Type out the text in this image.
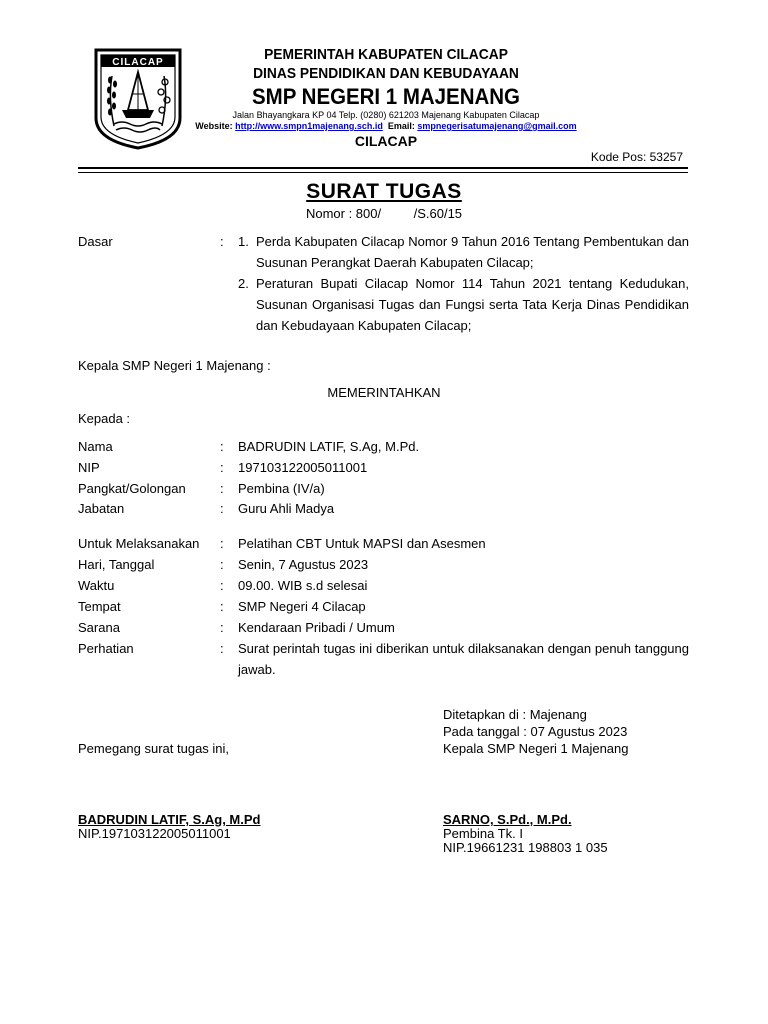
CILACAP	PEMERINTAH KABUPATEN CILACAP
DINAS PENDIDIKAN DAN KEBUDAYAAN
SMP NEGERI 1 MAJENANG
Jalan Bhayangkara KP 04 Telp. (0280) 621203 Majenang Kabupaten Cilacap
Website: http://www.smpn1majenang.sch.id Email: smpnegerisatumajenang@gmail.com
CILACAP
Kode Pos: 53257
SURAT TUGAS
Nomor : 800/         /S.60/15
Dasar	: 1. Perda Kabupaten Cilacap Nomor 9 Tahun 2016 Tentang Pembentukan dan Susunan Perangkat Daerah Kabupaten Cilacap;
2. Peraturan Bupati Cilacap Nomor 114 Tahun 2021 tentang Kedudukan, Susunan Organisasi Tugas dan Fungsi serta Tata Kerja Dinas Pendidikan dan Kebudayaan Kabupaten Cilacap;
Kepala SMP Negeri 1 Majenang :
MEMERINTAHKAN
Kepada :
Nama	: BADRUDIN LATIF, S.Ag, M.Pd.
NIP	: 197103122005011001
Pangkat/Golongan	: Pembina (IV/a)
Jabatan	: Guru Ahli Madya
Untuk Melaksanakan : Pelatihan CBT Untuk MAPSI dan Asesmen
Hari, Tanggal	: Senin, 7 Agustus 2023
Waktu	: 09.00. WIB s.d selesai
Tempat	: SMP Negeri 4 Cilacap
Sarana	: Kendaraan Pribadi / Umum
Perhatian	: Surat perintah tugas ini diberikan untuk dilaksanakan dengan penuh tanggung jawab.
Ditetapkan di : Majenang
Pada tanggal : 07 Agustus 2023
Kepala SMP Negeri 1 Majenang
Pemegang surat tugas ini,
BADRUDIN LATIF, S.Ag, M.Pd
NIP.197103122005011001
SARNO, S.Pd., M.Pd.
Pembina Tk. I
NIP.19661231 198803 1 035
